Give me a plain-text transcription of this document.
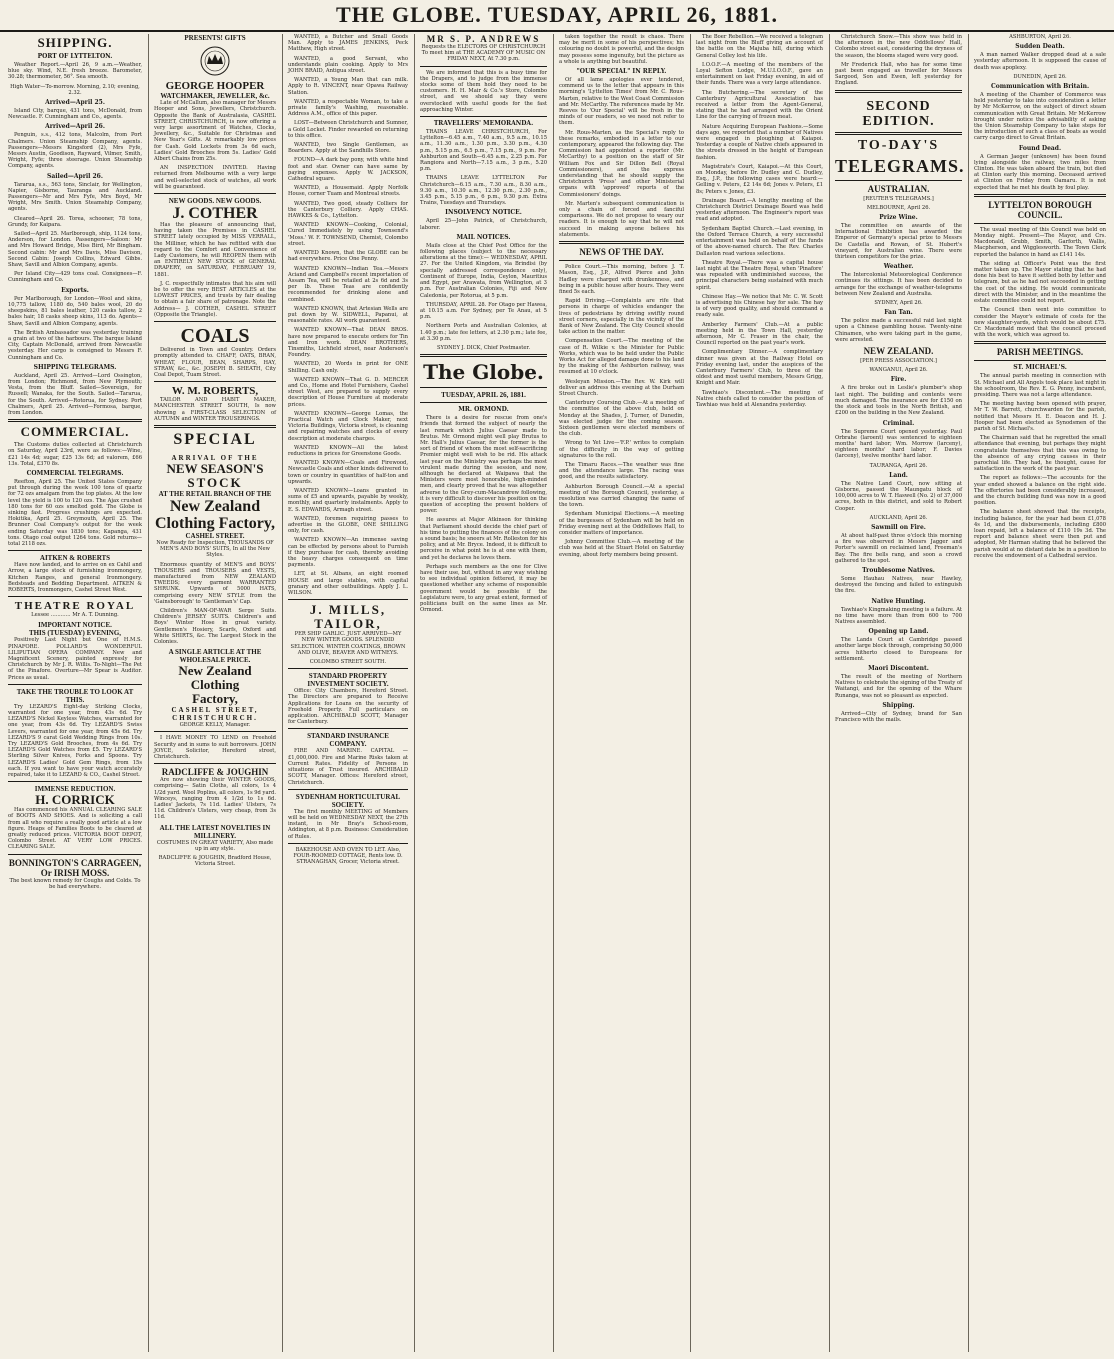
THE GLOBE. TUESDAY, APRIL 26, 1881.
SHIPPING.
PORT OF LYTTELTON.

Weather Report.—April 26, 9 a.m.—Weather, blue sky. Wind, N.E. fresh breeze. Barometer, 30.28; thermometer, 56°. Sea smooth.

High Water—To-morrow. Morning, 2.10; evening, 2.32.

Arrived—April 25.

Island City, barque, 431 tons, McDonald, from Newcastle. F. Cunningham and Co., agents.

Arrived—April 26.

Penguin, s.s., 412 tons, Malcolm, from Port Chalmers. Union Steamship Company, agents. Passengers—Messrs Kingsford (2), Mrs Fyfe, Messrs Austin, Goodison, Rayward, Vilmer, Smith, Wright, Fyfe; three steerage. Union Steamship Company, agents.

Sailed—April 26.

Tararua, s.s., 563 tons, Sinclair, for Wellington, Napier, Gisborne, Tauranga and Auckland. Passengers—Mr and Mrs Fyfe, Mrs Boyd, Mr Wright, Mrs Smith. Union Steamship Company, agents.

Cleared—April 26. Torea, schooner, 78 tons, Grundy, for Kaipara.

Sailed—April 25. Marlborough, ship, 1124 tons, Anderson, for London. Passengers—Saloon: Mr and Mrs Howard Bridge, Miss Bird, Mr Bingham. Second cabin: Mr and Mrs Davis, Miss Davison, Second Cabin: Joseph Collins, Edward Gibbs. Shaw, Savill and Albion Company, agents.

Per Island City—429 tons coal. Consignees—F. Cunningham and Co.

Exports.

Per Marlborough, for London—Wool and skins, 10,775 tallow, 1180 do, 540 bales wool, 20 do sheepskins, 81 bales leather, 120 casks tallow, 2 bales hair, 18 casks sheep skins, 113 do. Agents—Shaw, Savill and Albion Company, agents.

The British Ambassador was yesterday training a grain at two of the harbours. The barque Island City, Captain McDonald, arrived from Newcastle yesterday. Her cargo is consigned to Messrs F. Cunningham and Co.

SHIPPING TELEGRAMS.

Auckland, April 25. Arrived—Lord Ossington, from London; Richmond, from New Plymouth; Vesta, from the Bluff. Sailed—Sovereign, for Russell; Wanaka, for the South. Sailed—Tararua, for the South. Arrived—Rotorua, for Sydney. Port Chalmers, April 25. Arrived—Formosa, barque, from London.

COMMERCIAL.

The Customs duties collected at Christchurch on Saturday, April 23rd, were as follows:—Wine, £21 14s 4d; sugar, £25 13s 6d; ad valorem, £66 13s. Total, £370 8s.

COMMERCIAL TELEGRAMS.

Reefton, April 25. The United States Company put through during the week 100 tons of quartz for 72 ozs amalgam from the top plates. At the low level the yield is 100 to 120 ozs. The Ajax crushed 180 tons for 60 ozs smelted gold. The Globe is sinking fast. Progress crushings are expected. Hokitika, April 25. Greymouth, April 25. The Brunner Coal Company's output for the week ending Saturday was 1830 tons; Kapanga, 431 tons. Otago coal output 1264 tons. Gold returns—total 2118 ozs.

AITKEN & ROBERTS

Have now landed, and to arrive on ex Cahil and Arrow, a large stock of furnishing ironmongery, Kitchen Ranges, and general Ironmongery. Bedsteads and Bedding Department. AITKEN & ROBERTS, Ironmongers, Cashel Street West.

THEATRE ROYAL

Lessee ............ Mr A. T. Dunning.

IMPORTANT NOTICE.
THIS (TUESDAY) EVENING,

Positively Last Night but One of H.M.S. PINAFORE. POLLARD'S WONDERFUL LILIPUTIAN OPERA COMPANY. New and Magnificent Scenery, painted expressly for Christchurch by Mr J. R. Willis. To-Night—The Pet of the Pinafore. Overture—Mr Spear is Auditor. Prices as usual.

TAKE THE TROUBLE TO LOOK AT THIS.

Try LEZARD'S Eight-day Striking Clocks, warranted for one year, from 43s 6d. Try LEZARD'S Nickel Keyless Watches, warranted for one year, from 43s 6d. Try LEZARD'S Swiss Levers, warranted for one year, from 45s 6d. Try LEZARD'S 9 carat Gold Wedding Rings from 10s. Try LEZARD'S Gold Brooches, from 4s 6d. Try LEZARD'S Gold Watches from £5. Try LEZARD'S Sterling Silver Knives, Forks and Spoons. Try LEZARD'S Ladies' Gold Gem Rings, from 15s each. If you want to have your watch accurately repaired, take it to LEZARD & CO., Cashel Street.

IMMENSE REDUCTION.
H. CORRICK

Has commenced his ANNUAL CLEARING SALE of BOOTS AND SHOES. And is soliciting a call from all who require a really good article at a low figure. Heaps of Families Boots to be cleared at greatly reduced prices. VICTORIA BOOT DEPOT, Colombo Street. AT VERY LOW PRICES. CLEARING SALE.

BONNINGTON'S CARRAGEEN, Or IRISH MOSS.

The best known remedy for Coughs and Colds. To be had everywhere.

PRESENTS! GIFTS
GEORGE HOOPER
WATCHMAKER, JEWELLER, &c.

Late of McCallum, also manager for Messrs Hooper and Sons, Jewellers, Christchurch. Opposite the Bank of Australasia, CASHEL STREET, CHRISTCHURCH, is now offering a very large assortment of Watches, Clocks, Jewellery, &c., Suitable for Christmas and New Year's Gifts. At remarkably low prices for Cash. Gold Lockets from 3s 6d each, Ladies' Gold Brooches from 5s. Ladies' Gold Albert Chains from 25s.

AN INSPECTION INVITED. Having returned from Melbourne with a very large and well-selected stock of watches, all work will be guaranteed.

NEW GOODS. NEW GOODS.
J. COTHER

Has the pleasure of announcing that, having taken the Premises in CASHEL STREET lately occupied by MISS VERRALL, the Milliner, which he has refitted with due regard to the Comfort and Convenience of Lady Customers, he will REOPEN them with an ENTIRELY NEW STOCK of GENERAL DRAPERY, on SATURDAY, FEBRUARY 19, 1881.

J. C. respectfully intimates that his aim will be to offer the very BEST ARTICLES at the LOWEST PRICES, and trusts by fair dealing to obtain a fair share of patronage. Note the Address— J. COTHER, CASHEL STREET (Opposite the Triangle).

COALS

Delivered in Town and Country. Orders promptly attended to. CHAFF, OATS, BRAN, WHEAT, FLOUR, BEAN, SHARPS, HAY, STRAW, &c., &c. JOSEPH B. SHEATH, City Coal Depot, Tuam Street.

W. M. ROBERTS,

TAILOR AND HABIT MAKER, MANCHESTER STREET SOUTH, Is now showing a FIRST-CLASS SELECTION of AUTUMN and WINTER TROUSERINGS.

SPECIAL
ARRIVAL OF THE
NEW SEASON'S
STOCK
AT THE RETAIL BRANCH OF THE
New Zealand
Clothing Factory,
CASHEL STREET.

Now Ready for Inspection, THOUSANDS OF MEN'S AND BOYS' SUITS, In all the New Styles.

Enormous quantity of MEN'S and BOYS' TROUSERS and TROUSERS and VESTS, manufactured from NEW ZEALAND TWEEDS; every garment WARRANTED SHRUNK. Upwards of 5000 HATS, comprising every NEW STYLE from the 'Gainsborough' to 'Gentleman's' Cap.

Children's MAN-OF-WAR Serge Suits. Children's JERSEY SUITS. Children's and Boys' Winter Hose in great variety. Gentlemen's Hosiery, Scarfs, Oxford and White SHIRTS, &c. The Largest Stock in the Colonies.

A SINGLE ARTICLE AT THE WHOLESALE PRICE.
New Zealand Clothing
Factory,
CASHEL STREET, CHRISTCHURCH.

GEORGE KELLY, Manager.

I HAVE MONEY TO LEND on Freehold Security and in sums to suit borrowers. JOHN JOYCE, Solicitor, Hereford street, Christchurch.

RADCLIFFE & JOUGHIN

Are now showing their WINTER GOODS, comprising— Satin Cloths, all colors, 1s 4 1/2d yard. Wool Poplins, all colors, 1s 9d yard. Winceys, ranging from 4 1/2d to 1s 6d. Ladies' Jackets, 7s 11d. Ladies' Ulsters, 7s 11d. Children's Ulsters, very cheap, from 3s 11d.

ALL THE LATEST NOVELTIES IN MILLINERY.

COSTUMES IN GREAT VARIETY, Also made up in any style.

RADCLIFFE & JOUGHIN, Bradford House, Victoria Street.

WANTED, a Butcher and Small Goods Man. Apply to JAMES JENKINS, Peck Matthew, High street.

WANTED, a good Servant, who understands plain cooking. Apply to Mrs JOHN BRAID, Antigua street.

WANTED, a Young Man that can milk. Apply to R. VINCENT, near Opawa Railway Station.

WANTED, a respectable Woman, to take a private family's Washing, reasonable. Address A.M., office of this paper.

LOST—Between Christchurch and Sumner, a Gold Locket. Finder rewarded on returning to this office.

WANTED, two Single Gentlemen, as Boarders. Apply at the Sandhills Store.

FOUND—A dark bay pony, with white hind foot and star. Owner can have same by paying expenses. Apply W. JACKSON, Cathedral square.

WANTED, a Housemaid. Apply Norfolk House, corner Tuam and Montreal streets.

WANTED, Two good, steady Colliers for the Canterbury Colliery. Apply CHAS. HAWKES & Co., Lyttelton.

WANTED KNOWN—Cooking, Colonial, Cured Immediately by using Townsend's 'Moss.' W. F. TOWNSEND, Chemist, Colombo street.

WANTED Known, that the GLOBE can be had everywhere. Price One Penny.

WANTED KNOWN—Indian Tea.—Messrs Aciand and Campbell's recent importation of Assam Tea, will be retailed at 2s 6d and 3s per lb. These Teas are confidently recommended for drinking alone and combined.

WANTED KNOWN, that Artesian Wells are put down by W. SIDWELL, Papanui, at reasonable rates. All work guaranteed.

WANTED KNOWN—That DEAN BROS. have now prepared to execute orders for Tin and Iron work. DEAN BROTHERS, Tinsmiths, Lichfield street, near Anderson's Foundry.

WANTED, 20 Words in print for ONE Shilling. Cash only.

WANTED KNOWN—That G. D. MERCER and Co., Home and Hotel Furnishers, Cashel street West, are prepared to supply every description of House Furniture at moderate prices.

WANTED KNOWN—George Lomas, the Practical Watch and Clock Maker, next Victoria Buildings, Victoria street, is cleaning and repairing watches and clocks of every description at moderate charges.

WANTED KNOWN—All the latest reductions in prices for Greenstone Goods.

WANTED KNOWN—Coals and Firewood, Newcastle Coals and other kinds delivered to town or country in quantities of half-ton and upwards.

WANTED KNOWN—Loans granted in sums of £5 and upwards, payable by weekly, monthly, and quarterly instalments. Apply to E. S. EDWARDS, Armagh street.

WANTED, foremen requiring passes to advertise in the GLOBE, ONE SHILLING only, for cash.

WANTED KNOWN—An immense saving can be effected by persons about to Furnish if they purchase for cash, thereby avoiding the heavy charges consequent on time payments.

LET, at St. Albans, an eight roomed HOUSE and large stables, with capital granary and other outbuildings. Apply J. L. WILSON.

J. MILLS, TAILOR,

PER SHIP GARLIC. JUST ARRIVED—MY NEW WINTER GOODS. SPLENDID SELECTION. WINTER COATINGS, BROWN AND OLIVE, BEAVER AND WITNEYS.

COLOMBO STREET SOUTH.

STANDARD PROPERTY INVESTMENT SOCIETY.

Office: City Chambers, Hereford Street. The Directors are prepared to Receive Applications for Loans on the security of Freehold Property. Full particulars on application. ARCHIBALD SCOTT, Manager for Canterbury.

STANDARD INSURANCE COMPANY.

FIRE AND MARINE. CAPITAL — £1,000,000. Fire and Marine Risks taken at Current Rates. Fidelity of Persons in situations of Trust insured. ARCHIBALD SCOTT, Manager. Offices: Hereford street, Christchurch.

SYDENHAM HORTICULTURAL SOCIETY.

The first monthly MEETING of Members will be held on WEDNESDAY NEXT, the 27th instant, in Mr Bray's School-room, Addington, at 8 p.m. Business: Consideration of Rules.

BAKEHOUSE AND OVEN TO LET. Also, FOUR-ROOMED COTTAGE, Rents low. D. STRANAGHAN, Grocer, Victoria street.

MR S. P. ANDREWS

Requests the ELECTORS OF CHRISTCHURCH To meet him at THE ACADEMY OF MUSIC ON FRIDAY NEXT, At 7.30 p.m.

We are informed that this is a busy time for the Drapers, and to judge from the immense stocks some of them hold they need to be customers. H. H. Mair & Co.'s Store, Colombo street, and we should say they were overstocked with useful goods for the fast approaching Winter.

TRAVELLERS' MEMORANDA.

TRAINS LEAVE CHRISTCHURCH, For Lyttelton—6.45 a.m., 7.40 a.m., 9.5 a.m., 10.15 a.m., 11.30 a.m., 1.30 p.m., 3.30 p.m., 4.30 p.m., 5.15 p.m., 6.5 p.m., 7.15 p.m., 9 p.m. For Ashburton and South—6.45 a.m., 2.25 p.m. For Rangiora and North—7.15 a.m., 3 p.m., 5.20 p.m.

TRAINS LEAVE LYTTELTON For Christchurch—6.15 a.m., 7.30 a.m., 8.30 a.m., 9.30 a.m., 10.30 a.m., 12.30 p.m., 2.30 p.m., 3.45 p.m., 5.15 p.m., 6 p.m., 9.30 p.m. Extra Trains, Tuesdays and Thursdays.

INSOLVENCY NOTICE.

April 25—John Patrick, of Christchurch, laborer.

MAIL NOTICES.

Mails close at the Chief Post Office for the following places (subject to the necessary alterations at the time):— WEDNESDAY, APRIL 27. For the United Kingdom, via Brindisi (by specially addressed correspondence only), Continent of Europe, India, Ceylon, Mauritius and Egypt, per Arawata, from Wellington, at 3 p.m. For Australian Colonies, Fiji and New Caledonia, per Rotorua, at 5 p.m.

THURSDAY, APRIL 28. For Otago per Hawea, at 10.15 a.m. For Sydney, per Te Anau, at 5 p.m.

Northern Ports and Australian Colonies, at 1.40 p.m.; late fee letters, at 2.30 p.m.; late fee, at 3.30 p.m.

SYDNEY J. DICK, Chief Postmaster.

The Globe.
TUESDAY, APRIL 26, 1881.
MR. ORMOND.

There is a desire for rescue from one's friends that formed the subject of nearly the last remark which Julius Caesar made to Brutus. Mr. Ormond might well play Brutus to Mr. Hall's Julius Caesar, for the former is the sort of friend of whom the most self-sacrificing Premier might well wish to be rid. His attack last year on the Ministry was perhaps the most virulent made during the session, and now, although he declared at Waipawa that the Ministers were most honorable, high-minded men, and clearly proved that he was altogether adverse to the Grey-cum-Macandrew following, it is very difficult to discover his position on the question of accepting the present holders of power.

He assures at Major Atkinson for thinking that Parliament should decide the chief part of his time to putting the finances of the colony on a sound basis; he sneers at Mr. Rolleston for his policy, and at Mr. Bryce. Indeed, it is difficult to perceive in what point he is at one with them, and yet he declares he loves them.

Perhaps such members as the one for Clive have their use, but, without in any way wishing to see individual opinion fettered, it may be questioned whether any scheme of responsible government would be possible if the Legislature were, to any great extent, formed of politicians built on the same lines as Mr. Ormond.

taken together the result is chaos. There may be merit in some of his perspectives; his colouring no doubt is powerful, and the design may possess some ingenuity, but the picture as a whole is anything but beautiful.

"OUR SPECIAL" IN REPLY.

Of all lame apologies ever tendered, commend us to the letter that appears in this morning's 'Lyttelton Times' from Mr. C. Rous-Marten, relative to the West Coast Commission and Mr. McCarthy. The references made by Mr. Reeves to 'Our Special' will be fresh in the minds of our readers, so we need not refer to them.

Mr. Rous-Marten, as the Special's reply to these remarks, embodied in a letter to our contemporary, appeared the following day. The Commission had appointed a reporter (Mr. McCarthy) to a position on the staff of Sir William Fox and Sir Dillon Bell (Royal Commissioners), and the express understanding that he should supply the Christchurch 'Press' and other Ministerial organs with 'approved' reports of the Commissioners' doings.

Mr. Marten's subsequent communication is only a chain of forced and fanciful comparisons. We do not propose to weary our readers. It is enough to say that he will not succeed in making anyone believe his statements.

NEWS OF THE DAY.

Police Court.—This morning, before J. T. Mason, Esq., J.P., Alfred Pierce and John Hadley were charged with drunkenness, and being in a public house after hours. They were fined 5s each.

Rapid Driving.—Complaints are rife that persons in charge of vehicles endanger the lives of pedestrians by driving swiftly round street corners, especially in the vicinity of the Bank of New Zealand. The City Council should take action in the matter.

Compensation Court.—The meeting of the case of R. Wilkie v. the Minister for Public Works, which was to be held under the Public Works Act for alleged damage done to his land by the making of the Ashburton railway, was resumed at 10 o'clock.

Wesleyan Mission.—The Rev. W. Kirk will deliver an address this evening at the Durham Street Church.

Canterbury Coursing Club.—At a meeting of the committee of the above club, held on Monday at the Shades, J. Turner, of Dunedin, was elected judge for the coming season. Sixteen gentlemen were elected members of the club.

Wrong to Yet Live—'F.P.' writes to complain of the difficulty in the way of getting signatures to the roll.

The Timaru Races.—The weather was fine and the attendance large. The racing was good, and the results satisfactory.

Ashburton Borough Council.—At a special meeting of the Borough Council, yesterday, a resolution was carried changing the name of the town.

Sydenham Municipal Elections.—A meeting of the burgesses of Sydenham will be held on Friday evening next at the Oddfellows Hall, to consider matters of importance.

Johnny Committee Club.—A meeting of the club was held at the Stuart Hotel on Saturday evening, about forty members being present.

The Boer Rebellion.—We received a telegram last night from the Bluff giving an account of the battle on the Majuba hill, during which General Colley lost his life.

I.O.O.F.—A meeting of the members of the Loyal Sefton Lodge, M.U.I.O.O.F., gave an entertainment on last Friday evening, in aid of their funds. There was a very large attendance.

The Butchering.—The secretary of the Canterbury Agricultural Association has received a letter from the Agent-General, stating that he had arranged with the Orient Line for the carrying of frozen meat.

Nature Acquiring European Fashions.—Some days ago, we reported that a number of Natives were engaged in ploughing at Kaiapoi. Yesterday a couple of Native chiefs appeared in the streets dressed in the height of European fashion.

Magistrate's Court, Kaiapoi.—At this Court, on Monday, before Dr. Dudley and C. Dudley, Esq., J.P., the following cases were heard:—Gelling v. Peters, £2 14s 6d; Jones v. Peters, £1 8s; Peters v. Jones, £3.

Drainage Board.—A lengthy meeting of the Christchurch District Drainage Board was held yesterday afternoon. The Engineer's report was read and adopted.

Sydenham Baptist Church.—Last evening, in the Oxford Terrace Church, a very successful entertainment was held on behalf of the funds of the above-named church. The Rev. Charles Dallaston read various selections.

Theatre Royal.—There was a capital house last night at the Theatre Royal, when 'Pinafore' was repeated with undiminished success, the principal characters being sustained with much spirit.

Chinese Hay.—We notice that Mr. C. W. Scott is advertising his Chinese hay for sale. The hay is of very good quality, and should command a ready sale.

Amberley Farmers' Club.—At a public meeting held in the Town Hall, yesterday afternoon, Mr C. Fraser in the chair, the Council reported on the past year's work.

Complimentary Dinner.—A complimentary dinner was given at the Railway Hotel on Friday evening last, under the auspices of the Canterbury Farmers' Club, to three of the oldest and most useful members, Messrs Grigg, Knight and Mair.

Tawhiao's Discontent.—The meeting of Native chiefs called to consider the position of Tawhiao was held at Alexandra yesterday.

Christchurch Snow.—This show was held in the afternoon in the new Oddfellows' Hall, Colombo street east, considering the dryness of the season, the blooms staged were very good.

Mr Frederick Hall, who has for some time past been engaged as traveller for Messrs Sargood, Son and Ewen, left yesterday for England.

SECOND EDITION.
TO-DAY'S
TELEGRAMS.
AUSTRALIAN.

[REUTER'S TELEGRAMS.]

MELBOURNE, April 26.

Prize Wine.

The committee on awards of the International Exhibition has awarded the Emperor of Germany's special prize to Messrs De Castella and Rowan, of St. Hubert's vineyard, for Australian wine. There were thirteen competitors for the prize.

Weather.

The Intercolonial Meteorological Conference continues its sittings. It has been decided to arrange for the exchange of weather-telegrams between New Zealand and Australia.

SYDNEY, April 26.

Fan Tan.

The police made a successful raid last night upon a Chinese gambling house. Twenty-nine Chinamen, who were taking part in the game, were arrested.

NEW ZEALAND.

[PER PRESS ASSOCIATION.]

WANGANUI, April 26.

Fire.

A fire broke out in Leslie's plumber's shop last night. The building and contents were much damaged. The insurance are for £150 on the stock and tools in the North British, and £200 on the building in the New Zealand.

Criminal.

The Supreme Court opened yesterday. Paul Orbrahe (laroent) was sentenced to eighteen months' hard labor; Wm. Morrow (larceny), eighteen months' hard labor; F. Davies (larceny), twelve months' hard labor.

TAURANGA, April 26.

Land.

The Native Land Court, now sitting at Gisborne, passed the Maungatu block of 100,000 acres to W. T. Haswell (No. 2) of 37,000 acres, both in this district, and sold to Robert Cooper.

AUCKLAND, April 26.

Sawmill on Fire.

At about half-past three o'clock this morning a fire was observed in Messrs Jagger and Porter's sawmill on reclaimed land, Freeman's Bay. The fire bells rang, and soon a crowd gathered to the spot.

Troublesome Natives.

Some Hauhau Natives, near Hawley, destroyed the fencing and failed to extinguish the fire.

Native Hunting.

Tawhiao's Kingmaking meeting is a failure. At no time have more than from 600 to 700 Natives assembled.

Opening up Land.

The Lands Court at Cambridge passed another large block through, comprising 50,000 acres hitherto closed to Europeans for settlement.

Maori Discontent.

The result of the meeting of Northern Natives to celebrate the signing of the Treaty of Waitangi, and for the opening of the Whare Runanga, was not so pleasant as expected.

Shipping.

Arrived—City of Sydney, brand for San Francisco with the mails.

ASHBURTON, April 26.

Sudden Death.

A man named Walker dropped dead at a sale yesterday afternoon. It is supposed the cause of death was apoplexy.

DUNEDIN, April 26.

Communication with Britain.

A meeting of the Chamber of Commerce was held yesterday to take into consideration a letter by Mr McKerrow, on the subject of direct steam communication with Great Britain. Mr McKerrow brought under notice the advisability of asking the Union Steamship Company to take steps for the introduction of such a class of boats as would carry cargo direct to Great Britain.

Found Dead.

A German Jaeger (unknown) has been found lying alongside the railway, two miles from Clinton. He was taken aboard the train, but died at Clinton early this morning. Deceased arrived at Clinton on Friday from Oamaru. It is not expected that he met his death by foul play.

LYTTELTON BOROUGH COUNCIL.

The usual meeting of this Council was held on Monday night. Present—The Mayor, and Crs. Macdonald, Grubb, Smith, Garforth, Wallis, Macpherson, and Wigglesworth. The Town Clerk reported the balance in hand as £141 14s.

The siding at Officer's Point was the first matter taken up. The Mayor stating that he had done his best to have it settled both by letter and telegram, but as he had not succeeded in getting the cost of the siding. He would communicate direct with the Minister, and in the meantime the estate committee could not report.

The Council then went into committee to consider the Mayor's estimate of costs for the new slaughter-yards, which would be about £75. Cr. Macdonald moved that the council proceed with the work, which was agreed to.

PARISH MEETINGS.
ST. MICHAEL'S.

The annual parish meeting in connection with St. Michael and All Angels took place last night in the schoolroom, the Rev. E. G. Penny, incumbent, presiding. There was not a large attendance.

The meeting having been opened with prayer, Mr T. W. Barrett, churchwarden for the parish, notified that Messrs H. E. Deacon and H. J. Hooper had been elected as Synodsmen of the parish of St. Michael's.

The Chairman said that he regretted the small attendance that evening, but perhaps they might congratulate themselves that this was owing to the absence of any crying causes in their parochial life. They had, he thought, cause for satisfaction in the work of the past year.

The report as follows:—The accounts for the year ended showed a balance on the right side. The offertories had been considerably increased, and the church building fund was now in a good position.

The balance sheet showed that the receipts, including balance, for the year had been £1,078 4s 1d, and the disbursements, including £800 loan repaid, left a balance of £110 19s 3d. The report and balance sheet were then put and adopted, Mr Harman stating that he believed the parish would at no distant date be in a position to receive the endowment of a Cathedral service.
